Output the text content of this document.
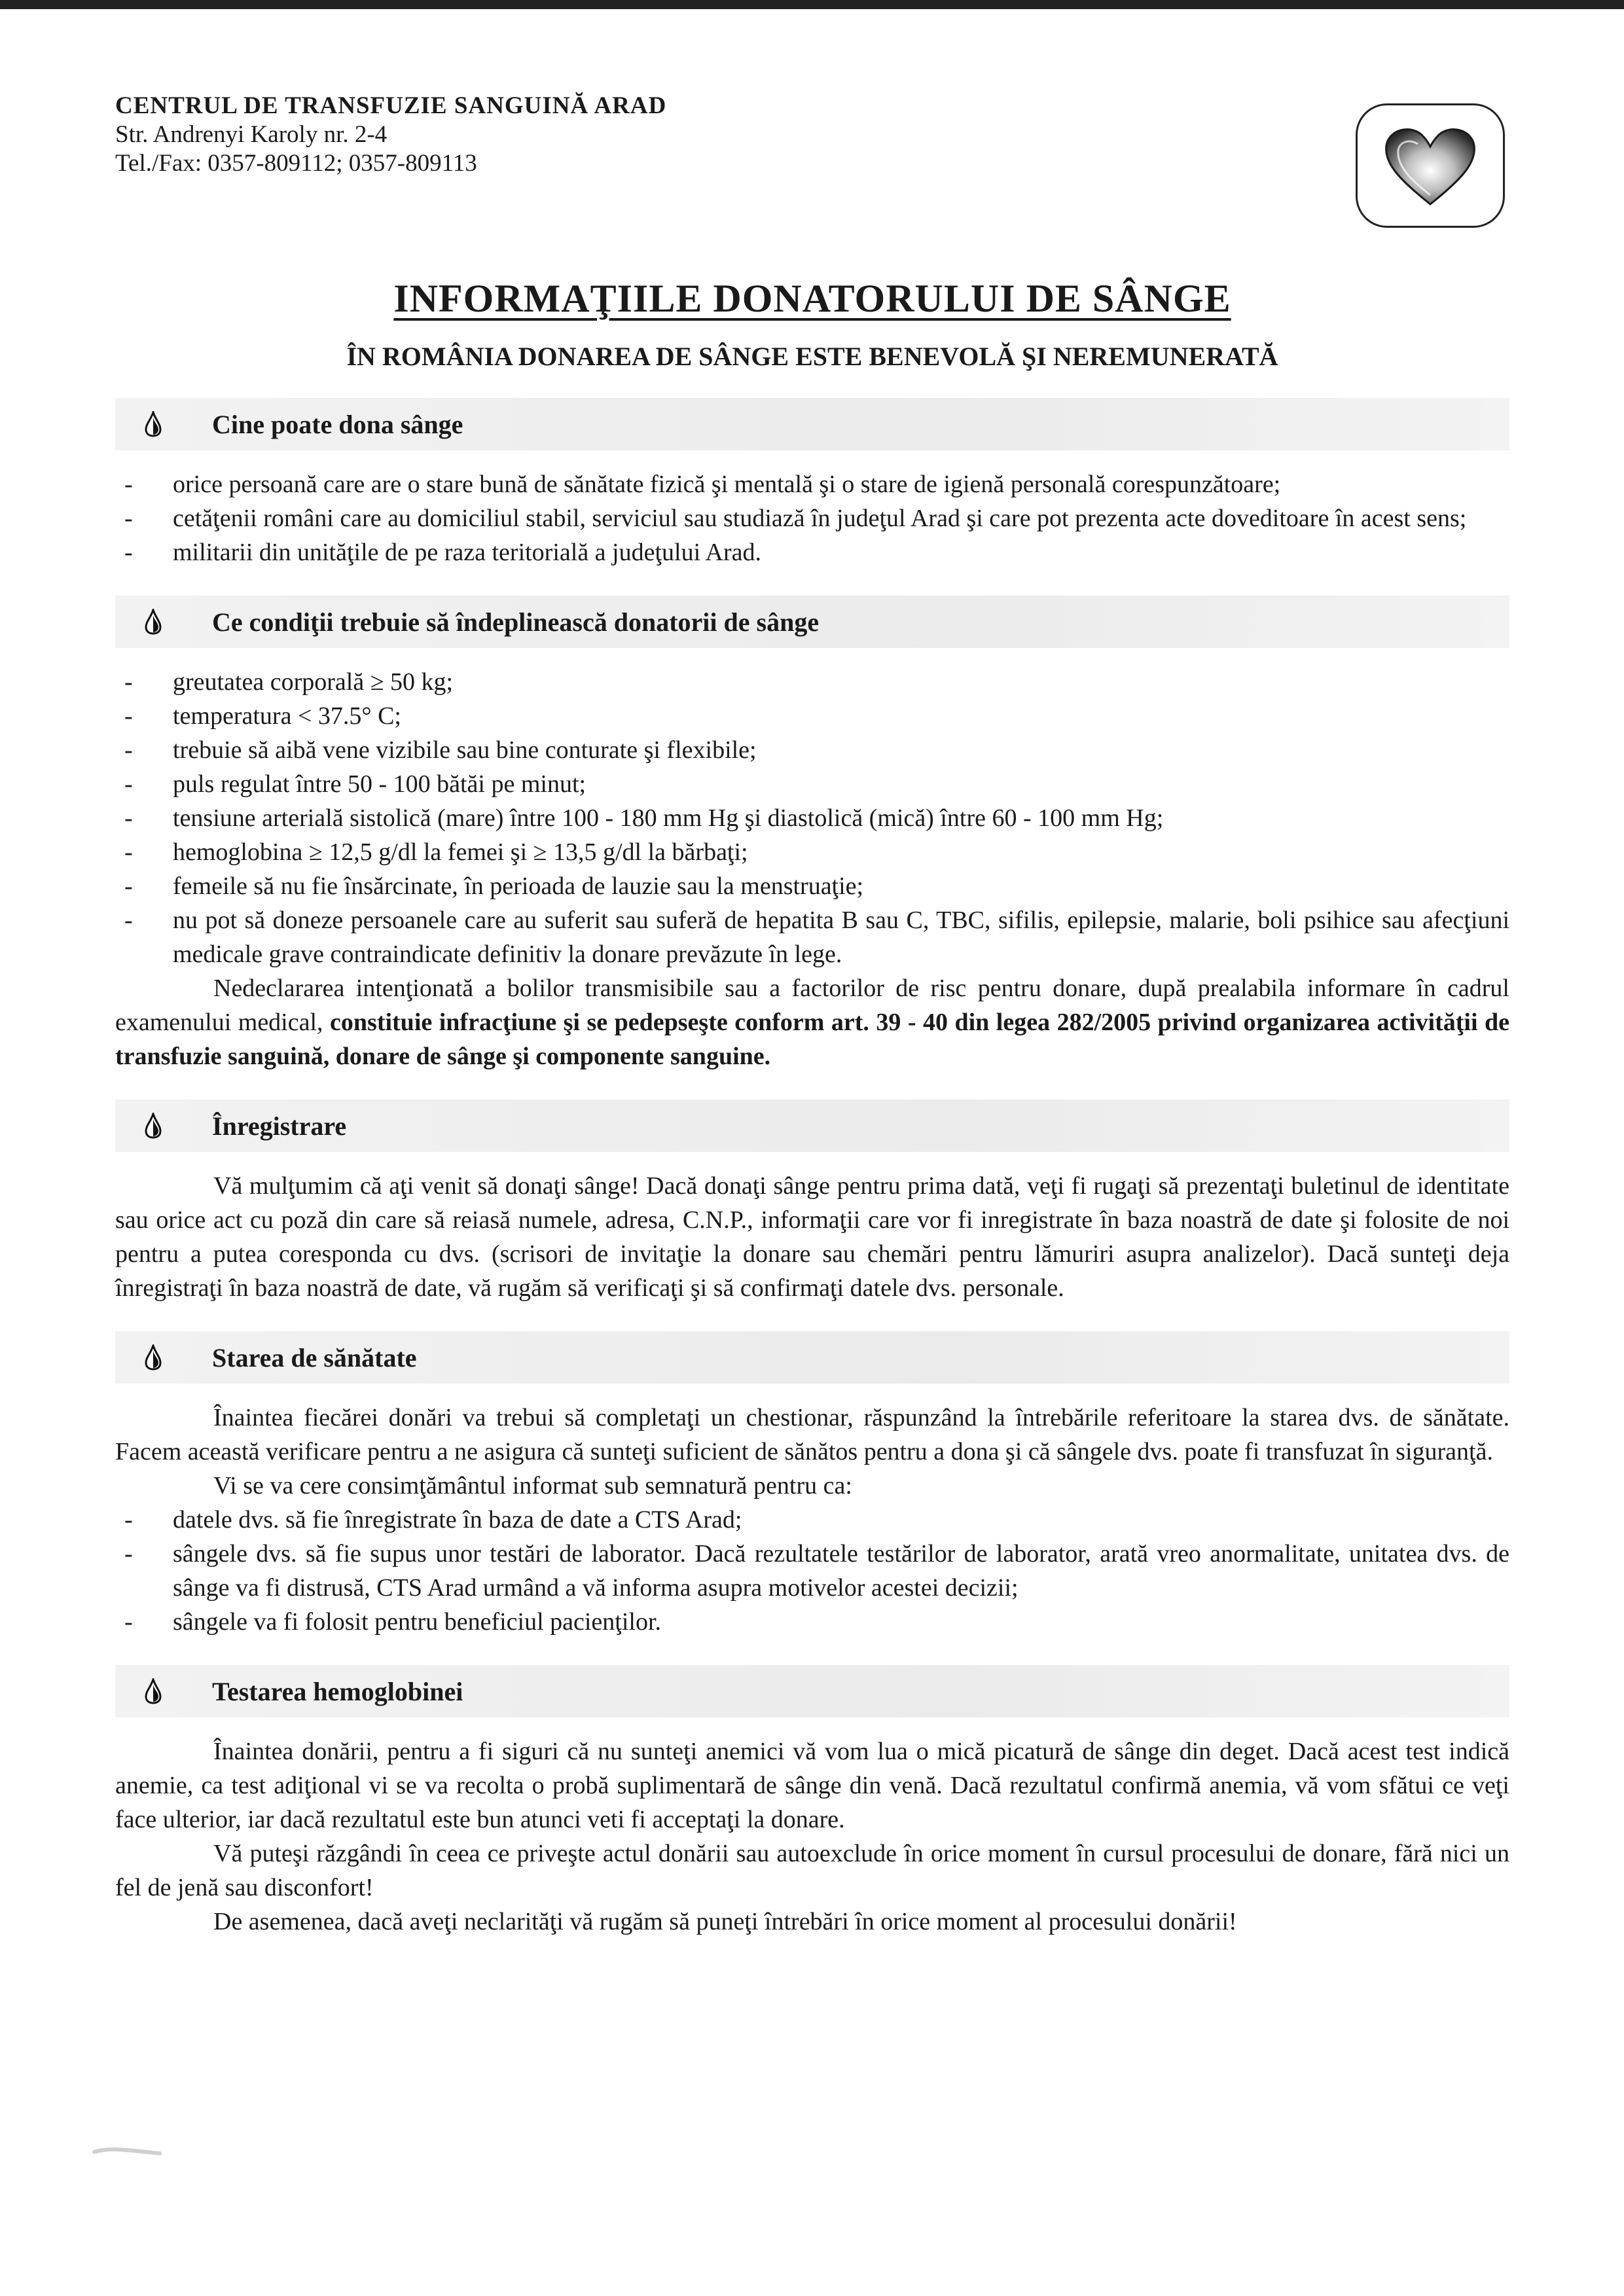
CENTRUL DE TRANSFUZIE SANGUINĂ ARAD
Str. Andrenyi Karoly nr. 2-4
Tel./Fax: 0357-809112; 0357-809113
INFORMAŢIILE DONATORULUI DE SÂNGE
ÎN ROMÂNIA DONAREA DE SÂNGE ESTE BENEVOLĂ ŞI NEREMUNERATĂ
Cine poate dona sânge
- orice persoană care are o stare bună de sănătate fizică şi mentală şi o stare de igienă personală corespunzătoare;
- cetăţenii români care au domiciliul stabil, serviciul sau studiază în judeţul Arad şi care pot prezenta acte doveditoare în acest sens;
- militarii din unităţile de pe raza teritorială a judeţului Arad.
Ce condiţii trebuie să îndeplinească donatorii de sânge
- greutatea corporală ≥ 50 kg;
- temperatura < 37.5° C;
- trebuie să aibă vene vizibile sau bine conturate şi flexibile;
- puls regulat între 50 - 100 bătăi pe minut;
- tensiune arterială sistolică (mare) între 100 - 180 mm Hg şi diastolică (mică) între 60 - 100 mm Hg;
- hemoglobina ≥ 12,5 g/dl la femei şi ≥ 13,5 g/dl la bărbaţi;
- femeile să nu fie însărcinate, în perioada de lauzie sau la menstruaţie;
- nu pot să doneze persoanele care au suferit sau suferă de hepatita B sau C, TBC, sifilis, epilepsie, malarie, boli psihice sau afecţiuni medicale grave contraindicate definitiv la donare prevăzute în lege.
Nedeclararea intenţionată a bolilor transmisibile sau a factorilor de risc pentru donare, după prealabila informare în cadrul examenului medical, constituie infracţiune şi se pedepseşte conform art. 39 - 40 din legea 282/2005 privind organizarea activităţii de transfuzie sanguină, donare de sânge şi componente sanguine.
Înregistrare
Vă mulţumim că aţi venit să donaţi sânge! Dacă donaţi sânge pentru prima dată, veţi fi rugaţi să prezentaţi buletinul de identitate sau orice act cu poză din care să reiasă numele, adresa, C.N.P., informaţii care vor fi inregistrate în baza noastră de date şi folosite de noi pentru a putea coresponda cu dvs. (scrisori de invitaţie la donare sau chemări pentru lămuriri asupra analizelor). Dacă sunteţi deja înregistraţi în baza noastră de date, vă rugăm să verificaţi şi să confirmaţi datele dvs. personale.
Starea de sănătate
Înaintea fiecărei donări va trebui să completaţi un chestionar, răspunzând la întrebările referitoare la starea dvs. de sănătate. Facem această verificare pentru a ne asigura că sunteţi suficient de sănătos pentru a dona şi că sângele dvs. poate fi transfuzat în siguranţă.
Vi se va cere consimţământul informat sub semnatură pentru ca:
- datele dvs. să fie înregistrate în baza de date a CTS Arad;
- sângele dvs. să fie supus unor testări de laborator. Dacă rezultatele testărilor de laborator, arată vreo anormalitate, unitatea dvs. de sânge va fi distrusă, CTS Arad urmând a vă informa asupra motivelor acestei decizii;
- sângele va fi folosit pentru beneficiul pacienţilor.
Testarea hemoglobinei
Înaintea donării, pentru a fi siguri că nu sunteţi anemici vă vom lua o mică picatură de sânge din deget. Dacă acest test indică anemie, ca test adiţional vi se va recolta o probă suplimentară de sânge din venă. Dacă rezultatul confirmă anemia, vă vom sfătui ce veţi face ulterior, iar dacă rezultatul este bun atunci veti fi acceptaţi la donare.
Vă puteşi răzgândi în ceea ce priveşte actul donării sau autoexclude în orice moment în cursul procesului de donare, fără nici un fel de jenă sau disconfort!
De asemenea, dacă aveţi neclarităţi vă rugăm să puneţi întrebări în orice moment al procesului donării!
